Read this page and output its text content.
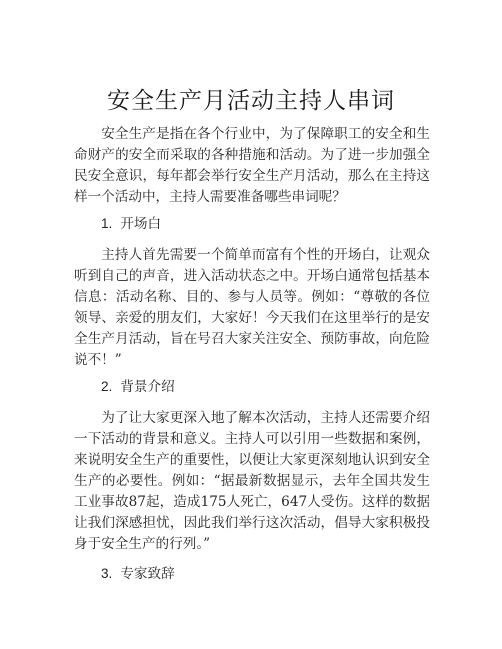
安全生产月活动主持人串词

安全生产是指在各个行业中，为了保障职工的安全和生命财产的安全而采取的各种措施和活动。为了进一步加强全民安全意识，每年都会举行安全生产月活动，那么在主持这样一个活动中，主持人需要准备哪些串词呢？

1. 开场白

主持人首先需要一个简单而富有个性的开场白，让观众听到自己的声音，进入活动状态之中。开场白通常包括基本信息：活动名称、目的、参与人员等。例如：“尊敬的各位领导、亲爱的朋友们，大家好！今天我们在这里举行的是安全生产月活动，旨在号召大家关注安全、预防事故，向危险说不！”

2. 背景介绍

为了让大家更深入地了解本次活动，主持人还需要介绍一下活动的背景和意义。主持人可以引用一些数据和案例，来说明安全生产的重要性，以便让大家更深刻地认识到安全生产的必要性。例如：“据最新数据显示，去年全国共发生工业事故87起，造成175人死亡，647人受伤。这样的数据让我们深感担忧，因此我们举行这次活动，倡导大家积极投身于安全生产的行列。”

3. 专家致辞
